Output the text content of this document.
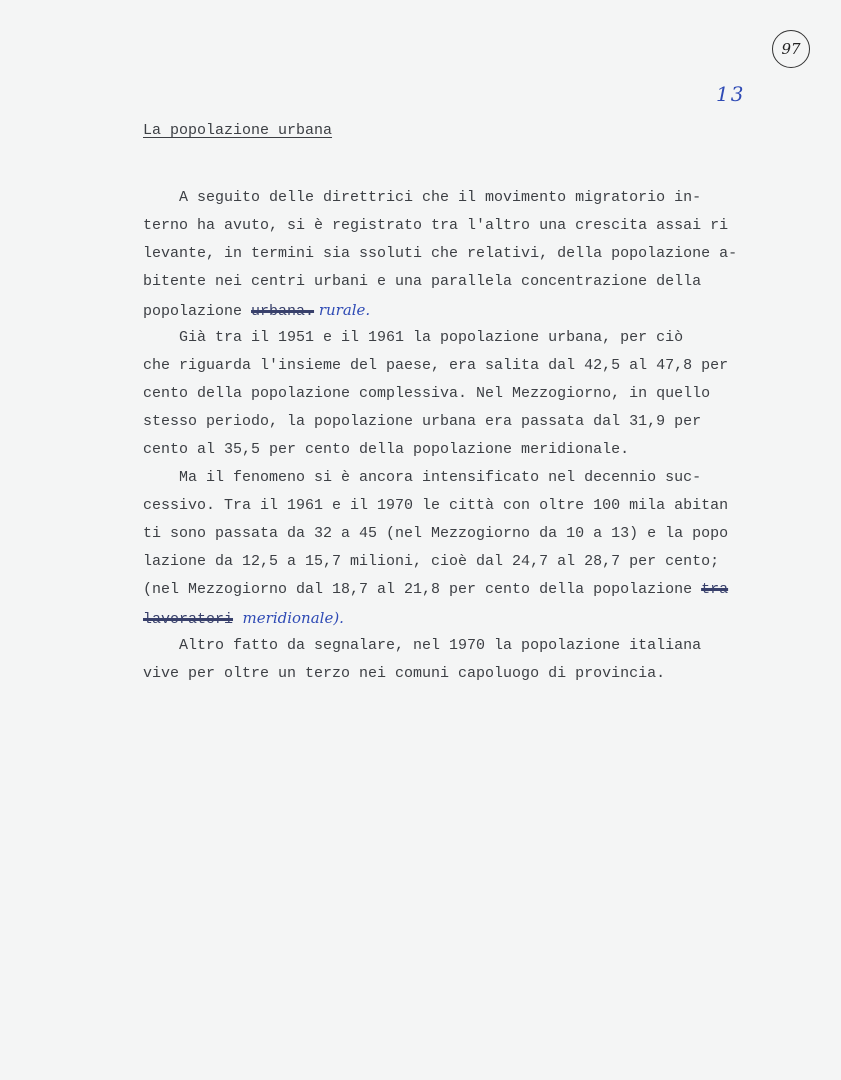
97
13
La popolazione urbana
A seguito delle direttrici che il movimento migratorio in-
terno ha avuto, si è registrato tra l'altro una crescita assai ri
levante, in termini sia ssoluti che relativi, della popolazione a-
bitente nei centri urbani e una parallela concentrazione della
popolazione urbana. rurale.
Già tra il 1951 e il 1961 la popolazione urbana, per ciò
che riguarda l'insieme del paese, era salita dal 42,5 al 47,8 per
cento della popolazione complessiva. Nel Mezzogiorno, in quello
stesso periodo, la popolazione urbana era passata dal 31,9 per
cento al 35,5 per cento della popolazione meridionale.
Ma il fenomeno si è ancora intensificato nel decennio suc-
cessivo. Tra il 1961 e il 1970 le città con oltre 100 mila abitan
ti sono passata da 32 a 45 (nel Mezzogiorno da 10 a 13) e la popo
lazione da 12,5 a 15,7 milioni, cioè dal 24,7 al 28,7 per cento;
(nel Mezzogiorno dal 18,7 al 21,8 per cento della popolazione tra
lavoratori  meridionale).
Altro fatto da segnalare, nel 1970 la popolazione italiana
vive per oltre un terzo nei comuni capoluogo di provincia.
